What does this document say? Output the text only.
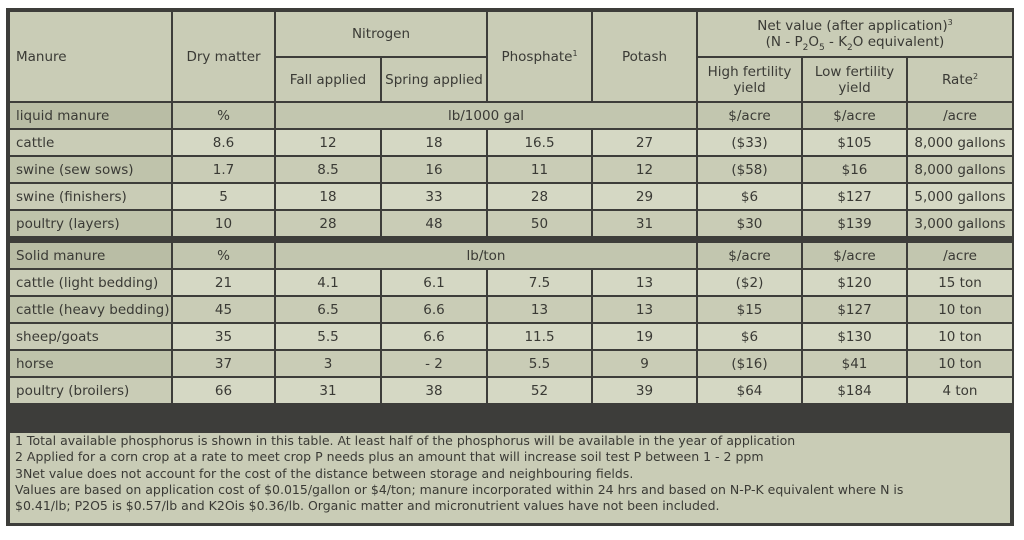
Manure	Dry matter	Nitrogen		Phosphate$^1$	Potash	Net value (after application)$^3$
($N - P_2O_5 - K_2O$ equivalent)		

		Fall applied	Spring applied			High fertility yield	Low fertility yield	Rate$^2$
liquid manure	%	lb/1000 gal				$/acre	$/acre	/acre
cattle	8.6	12	18	16.5	27	($33)	$105	8,000 gallons
swine (sew sows)	1.7	8.5	16	11	12	($58)	$16	8,000 gallons
swine (finishers)	5	18	33	28	29	$6	$127	5,000 gallons
poultry (layers)	10	28	48	50	31	$30	$139	3,000 gallons

Solid manure	%	lb/ton				$/acre	$/acre	/acre
cattle (light bedding)	21	4.1	6.1	7.5	13	($2)	$120	15 ton
cattle (heavy bedding)	45	6.5	6.6	13	13	$15	$127	10 ton
sheep/goats	35	5.5	6.6	11.5	19	$6	$130	10 ton
horse	37	3	- 2	5.5	9	($16)	$41	10 ton
poultry (broilers)	66	31	38	52	39	$64	$184	4 ton
1 Total available phosphorus is shown in this table. At least half of the phosphorus will be available in the year of application
2 Applied for a corn crop at a rate to meet crop P needs plus an amount that will increase soil test P between 1 - 2 ppm
3Net value does not account for the cost of the distance between storage and neighbouring fields.
Values are based on application cost of $0.015/gallon or $4/ton; manure incorporated within 24 hrs and based on N-P-K equivalent where N is
$0.41/lb; P2O5 is $0.57/lb and K2Ois $0.36/lb. Organic matter and micronutrient values have not been included.
